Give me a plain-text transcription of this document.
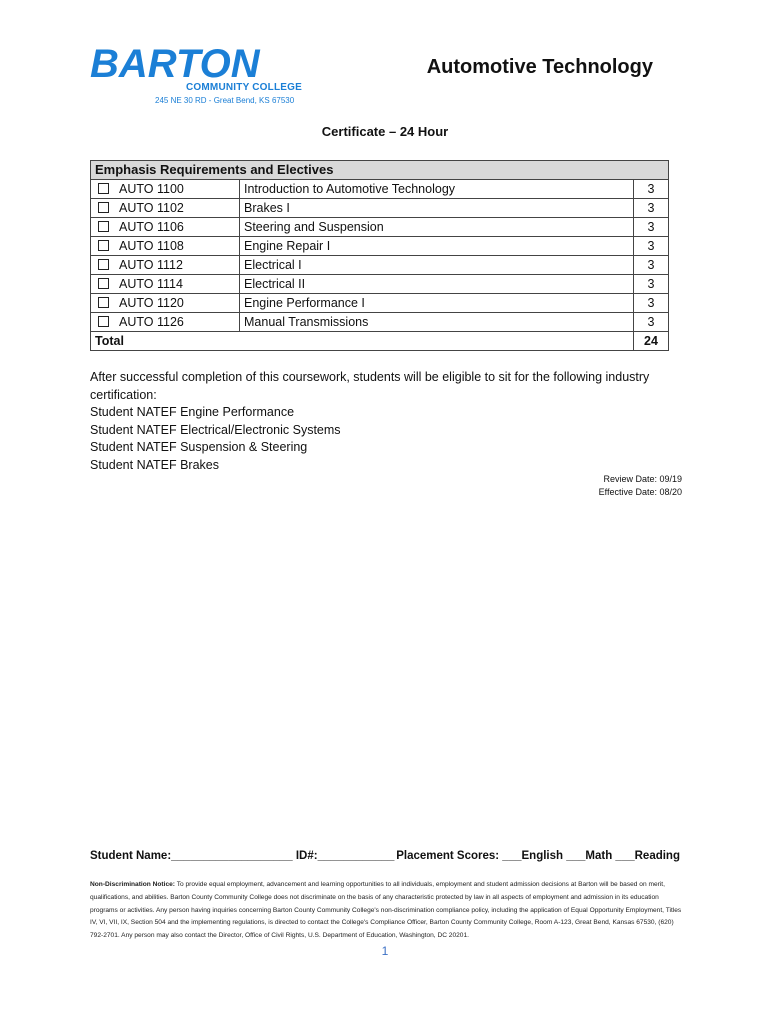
BARTON
COMMUNITY COLLEGE
245 NE 30 RD - Great Bend, KS 67530
Automotive Technology
Certificate – 24 Hour
Emphasis Requirements and Electives			
	AUTO 1100	Introduction to Automotive Technology	3
	AUTO 1102	Brakes I	3
	AUTO 1106	Steering and Suspension	3
	AUTO 1108	Engine Repair I	3
	AUTO 1112	Electrical I	3
	AUTO 1114	Electrical II	3
	AUTO 1120	Engine Performance I	3
	AUTO 1126	Manual Transmissions	3
Total			24
After successful completion of this coursework, students will be eligible to sit for the following industry
certification:
Student NATEF Engine Performance
Student NATEF Electrical/Electronic Systems
Student NATEF Suspension & Steering
Student NATEF Brakes
Review Date: 09/19
Effective Date: 08/20
Student Name:___________________ ID#:____________ Placement Scores: ___English ___Math ___Reading
Non-Discrimination Notice: To provide equal employment, advancement and learning opportunities to all individuals, employment and student admission decisions at Barton will be based on merit, qualifications, and abilities. Barton County Community College does not discriminate on the basis of any characteristic protected by law in all aspects of employment and admission in its education programs or activities. Any person having inquiries concerning Barton County Community College's non-discrimination compliance policy, including the application of Equal Opportunity Employment, Titles IV, VI, VII, IX, Section 504 and the implementing regulations, is directed to contact the College's Compliance Officer, Barton County Community College, Room A-123, Great Bend, Kansas 67530, (620) 792-2701. Any person may also contact the Director, Office of Civil Rights, U.S. Department of Education, Washington, DC 20201.
1
